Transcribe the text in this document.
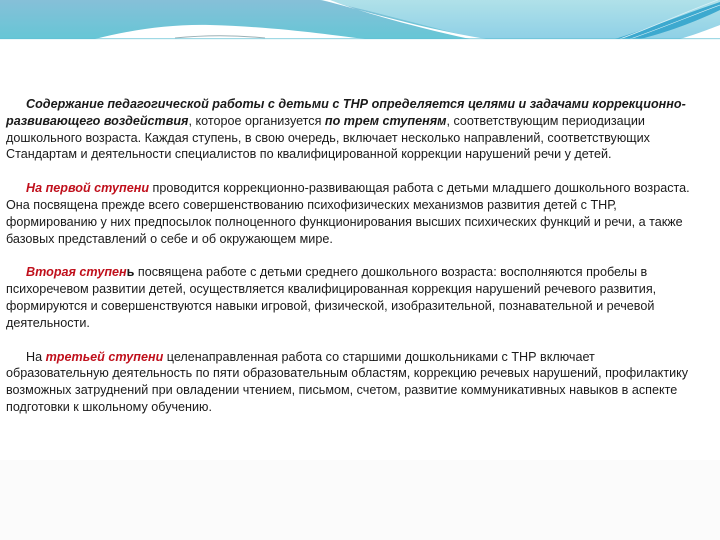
Содержание педагогической работы с детьми с ТНР определяется целями и задачами коррекционно-развивающего воздействия, которое организуется по трем ступеням, соответствующим периодизации дошкольного возраста. Каждая ступень, в свою очередь, включает несколько направлений, соответствующих Стандартам и деятельности специалистов по квалифицированной коррекции нарушений речи у детей.

На первой ступени проводится коррекционно-развивающая работа с детьми младшего дошкольного возраста. Она посвящена прежде всего совершенствованию психофизических механизмов развития детей с ТНР, формированию у них предпосылок полноценного функционирования высших психических функций и речи, а также базовых представлений о себе и об окружающем мире.

Вторая ступень посвящена работе с детьми среднего дошкольного возраста: восполняются пробелы в психоречевом развитии детей, осуществляется квалифицированная коррекция нарушений речевого развития, формируются и совершенствуются навыки игровой, физической, изобразительной, познавательной и речевой деятельности.

На третьей ступени целенаправленная работа со старшими дошкольниками с ТНР включает образовательную деятельность по пяти образовательным областям, коррекцию речевых нарушений, профилактику возможных затруднений при овладении чтением, письмом, счетом, развитие коммуникативных навыков в аспекте подготовки к школьному обучению.
